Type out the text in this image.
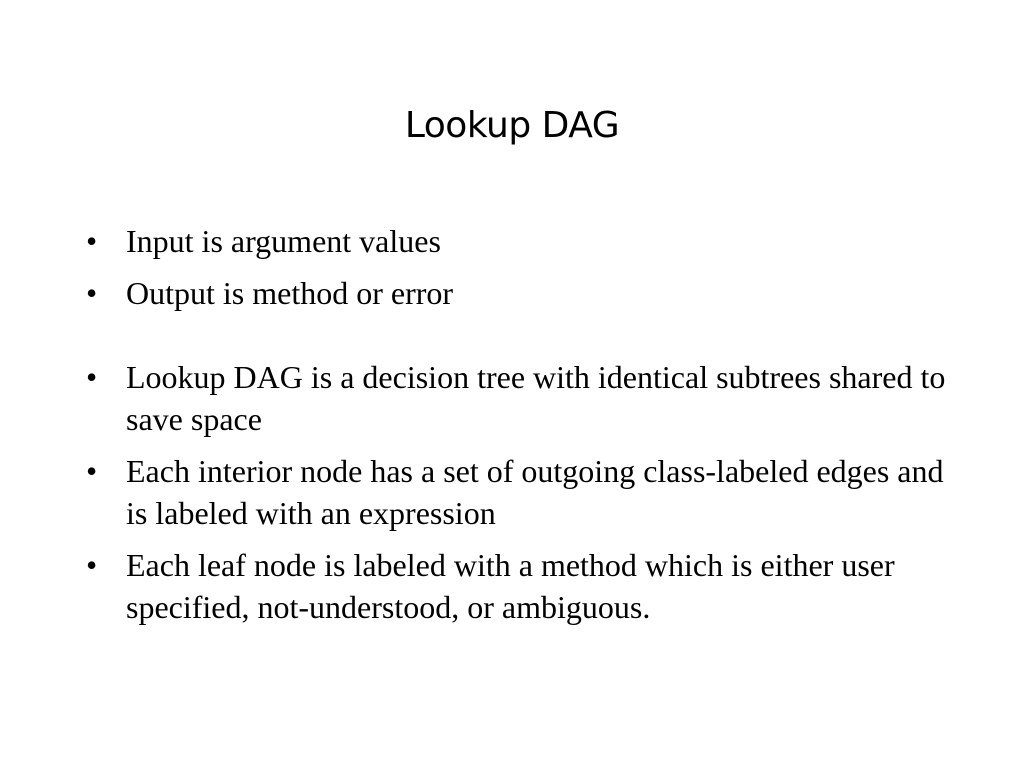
Lookup DAG
• Input is argument values
• Output is method or error
• Lookup DAG is a decision tree with identical subtrees shared to save space
• Each interior node has a set of outgoing class-labeled edges and is labeled with an expression
• Each leaf node is labeled with a method which is either user specified, not-understood, or ambiguous.
